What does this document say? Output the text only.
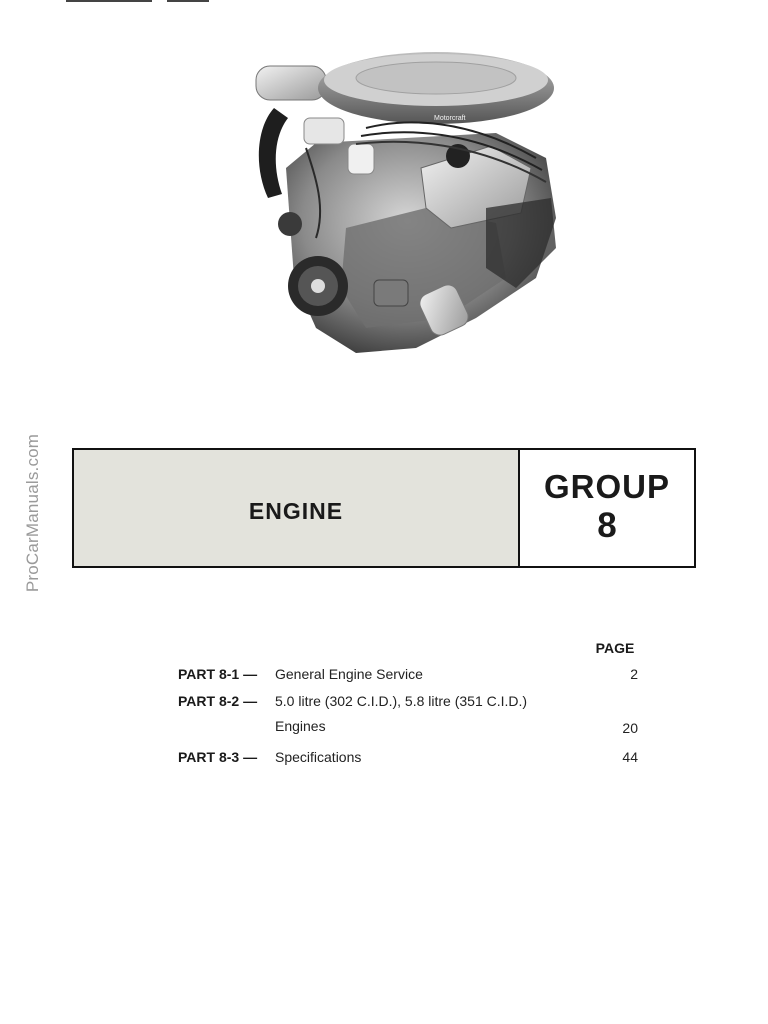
ProCarManuals.com
Motorcraft
ENGINE
GROUP
8
PAGE
PART 8-1 — General Engine Service	2
PART 8-2 — 5.0 litre (302 C.I.D.), 5.8 litre (351 C.I.D.)
Engines	20
PART 8-3 — Specifications	44
